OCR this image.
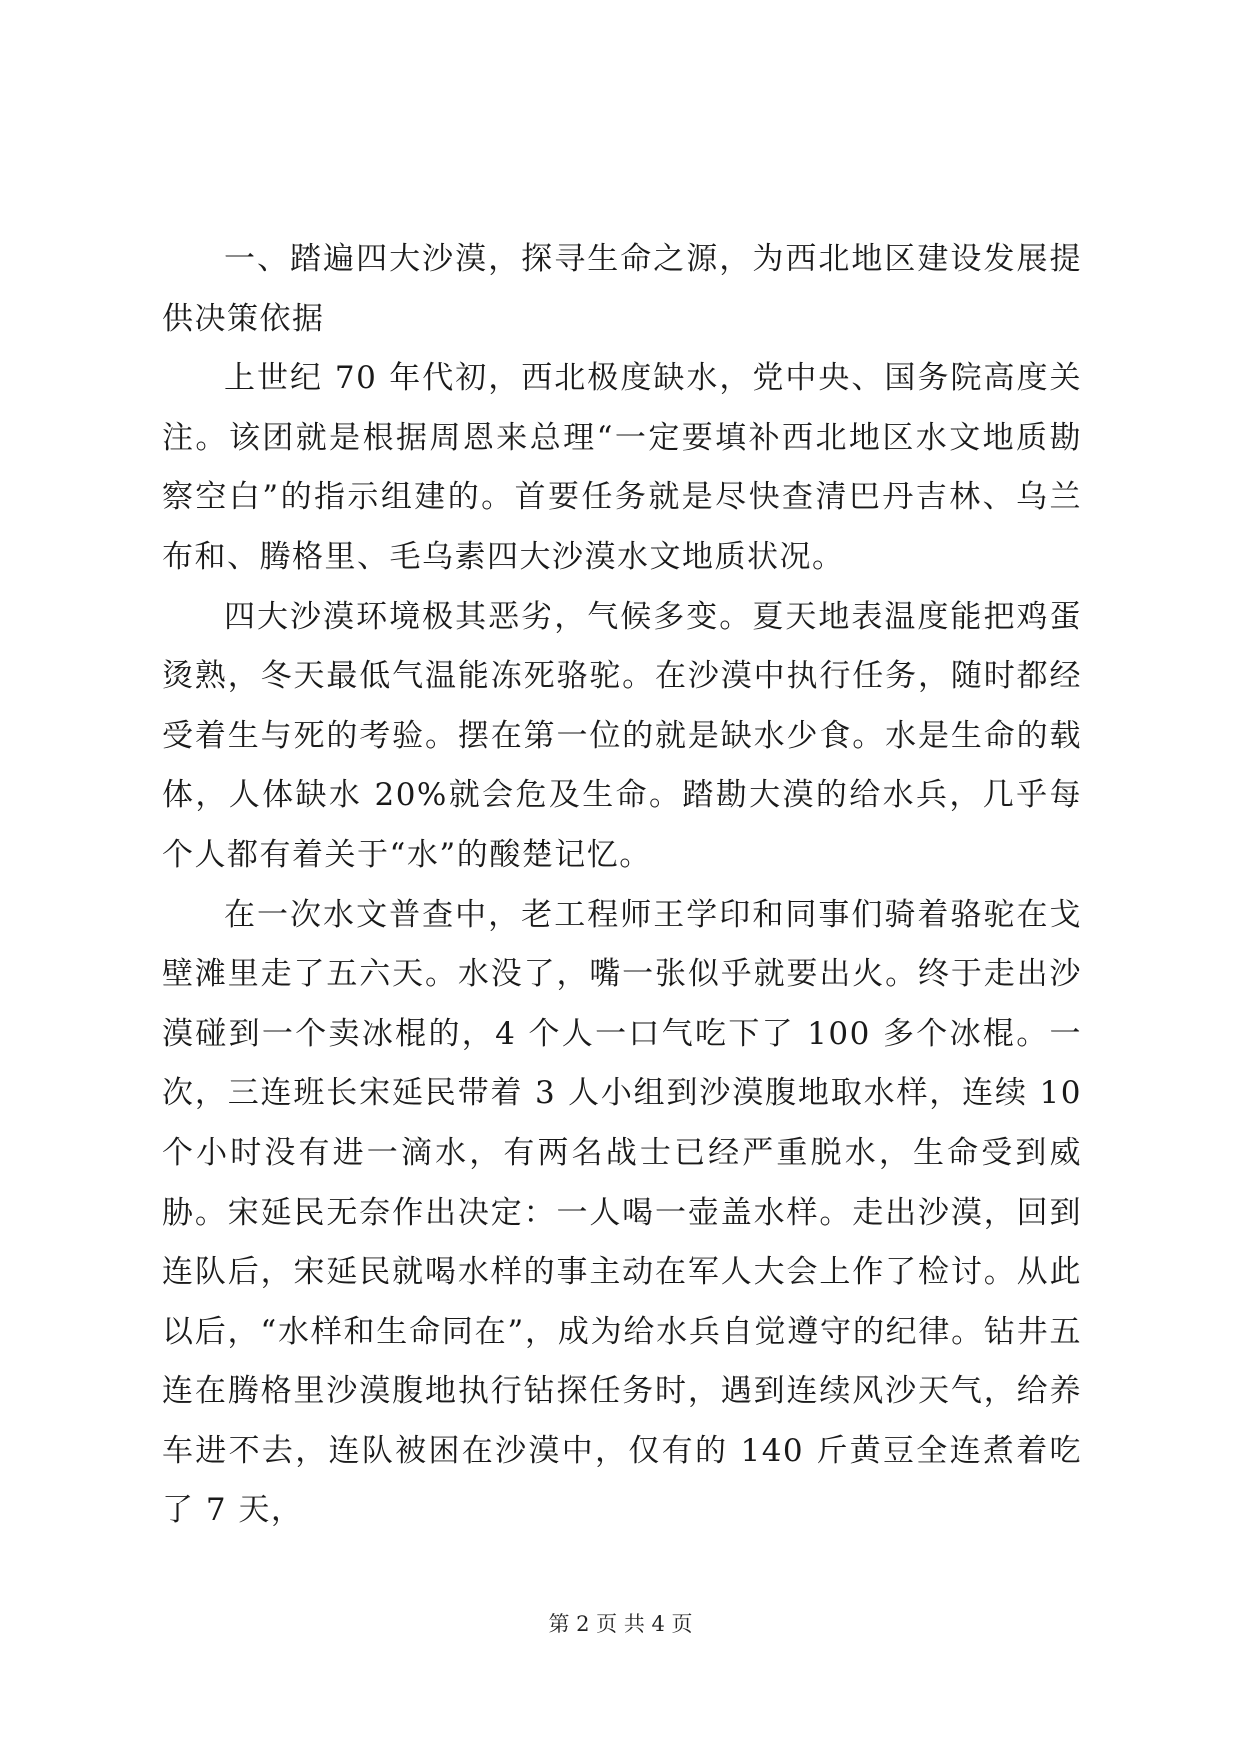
一、踏遍四大沙漠，探寻生命之源，为西北地区建设发展提供决策依据

上世纪 70 年代初，西北极度缺水，党中央、国务院高度关注。该团就是根据周恩来总理“一定要填补西北地区水文地质勘察空白”的指示组建的。首要任务就是尽快查清巴丹吉林、乌兰布和、腾格里、毛乌素四大沙漠水文地质状况。

四大沙漠环境极其恶劣，气候多变。夏天地表温度能把鸡蛋烫熟，冬天最低气温能冻死骆驼。在沙漠中执行任务，随时都经受着生与死的考验。摆在第一位的就是缺水少食。水是生命的载体，人体缺水 20%就会危及生命。踏勘大漠的给水兵，几乎每个人都有着关于“水”的酸楚记忆。

在一次水文普查中，老工程师王学印和同事们骑着骆驼在戈壁滩里走了五六天。水没了，嘴一张似乎就要出火。终于走出沙漠碰到一个卖冰棍的，4 个人一口气吃下了 100 多个冰棍。一次，三连班长宋延民带着 3 人小组到沙漠腹地取水样，连续 10 个小时没有进一滴水，有两名战士已经严重脱水，生命受到威胁。宋延民无奈作出决定：一人喝一壶盖水样。走出沙漠，回到连队后，宋延民就喝水样的事主动在军人大会上作了检讨。从此以后，“水样和生命同在”，成为给水兵自觉遵守的纪律。钻井五连在腾格里沙漠腹地执行钻探任务时，遇到连续风沙天气，给养车进不去，连队被困在沙漠中，仅有的 140 斤黄豆全连煮着吃了 7 天，

第 2 页 共 4 页
